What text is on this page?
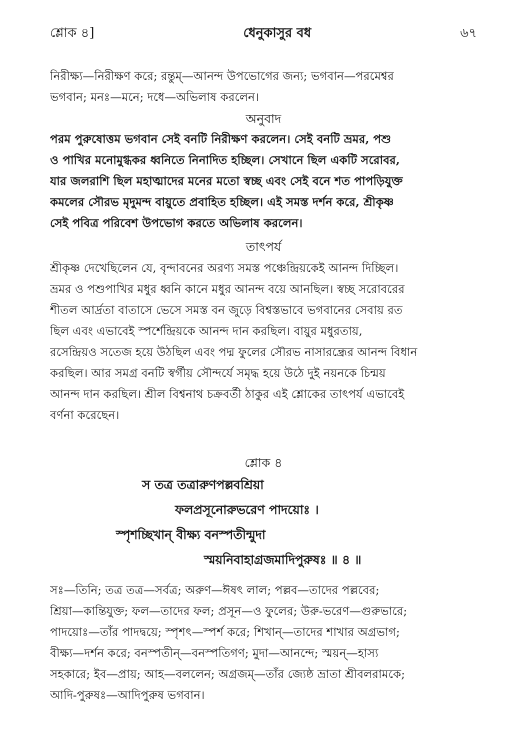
শ্লোক ৪]	ধেনুকাসুর বধ	৬৭
নিরীক্ষ্য—নিরীক্ষণ করে; রন্তুম্—আনন্দ উপভোগের জন্য; ভগবান—পরমেশ্বর
ভগবান; মনঃ—মনে; দধে—অভিলাষ করলেন।
অনুবাদ
পরম পুরুষোত্তম ভগবান সেই বনটি নিরীক্ষণ করলেন। সেই বনটি ভ্রমর, পশু
ও পাখির মনোমুগ্ধকর ধ্বনিতে নিনাদিত হচ্ছিল। সেখানে ছিল একটি সরোবর,
যার জলরাশি ছিল মহাত্মাদের মনের মতো স্বচ্ছ এবং সেই বনে শত পাপড়িযুক্ত
কমলের সৌরভ মৃদুমন্দ বায়ুতে প্রবাহিত হচ্ছিল। এই সমস্ত দর্শন করে, শ্রীকৃষ্ণ
সেই পবিত্র পরিবেশ উপভোগ করতে অভিলাষ করলেন।
তাৎপর্য
শ্রীকৃষ্ণ দেখেছিলেন যে, বৃন্দাবনের অরণ্য সমস্ত পঞ্চেন্দ্রিয়কেই আনন্দ দিচ্ছিল।
ভ্রমর ও পশুপাখির মধুর ধ্বনি কানে মধুর আনন্দ বয়ে আনছিল। স্বচ্ছ সরোবরের
শীতল আর্দ্রতা বাতাসে ভেসে সমস্ত বন জুড়ে বিশ্বস্তভাবে ভগবানের সেবায় রত
ছিল এবং এভাবেই স্পর্শেন্দ্রিয়কে আনন্দ দান করছিল। বায়ুর মধুরতায়,
রসেন্দ্রিয়ও সতেজ হয়ে উঠছিল এবং পদ্ম ফুলের সৌরভ নাসারন্ধ্রের আনন্দ বিধান
করছিল। আর সমগ্র বনটি স্বর্গীয় সৌন্দর্যে সমৃদ্ধ হয়ে উঠে দুই নয়নকে চিন্ময়
আনন্দ দান করছিল। শ্রীল বিশ্বনাথ চক্রবর্তী ঠাকুর এই শ্লোকের তাৎপর্য এভাবেই
বর্ণনা করেছেন।
শ্লোক ৪
স তত্র তত্রারুণপল্লবশ্রিয়া
ফলপ্রসূনোরুভরেণ পাদয়োঃ ।
স্পৃশচ্ছিখান্ বীক্ষ্য বনস্পতীন্মুদা
স্ময়নিবাহাগ্রজমাদিপুরুষঃ ॥ ৪ ॥
সঃ—তিনি; তত্র তত্র—সর্বত্র; অরুণ—ঈষৎ লাল; পল্লব—তাদের পল্লবের;
শ্রিয়া—কান্তিযুক্ত; ফল—তাদের ফল; প্রসূন—ও ফুলের; উরু-ভরেণ—গুরুভারে;
পাদয়োঃ—তাঁর পাদদ্বয়ে; স্পৃশৎ—স্পর্শ করে; শিখান্—তাদের শাখার অগ্রভাগ;
বীক্ষ্য—দর্শন করে; বনস্পতীন্—বনস্পতিগণ; মুদা—আনন্দে; স্ময়ন্—হাস্য
সহকারে; ইব—প্রায়; আহ—বললেন; অগ্রজম্—তাঁর জ্যেষ্ঠ ভ্রাতা শ্রীবলরামকে;
আদি-পুরুষঃ—আদিপুরুষ ভগবান।
